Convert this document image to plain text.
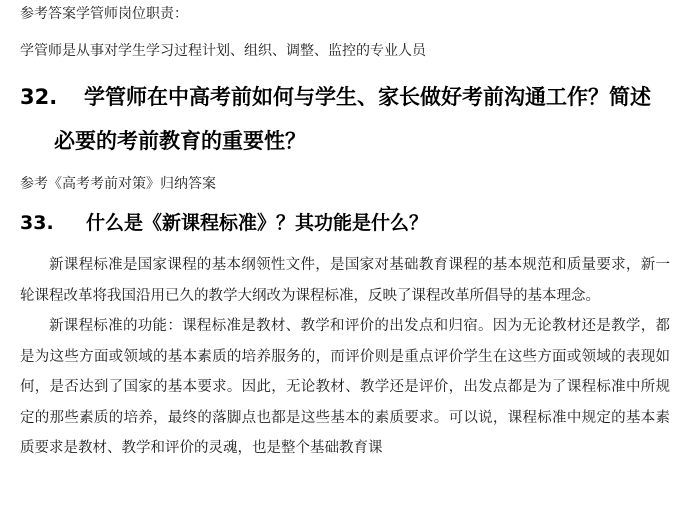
参考答案学管师岗位职责：
学管师是从事对学生学习过程计划、组织、调整、监控的专业人员
32. 学管师在中高考前如何与学生、家长做好考前沟通工作？简述
必要的考前教育的重要性？
参考《高考考前对策》归纳答案
33. 什么是《新课程标准》？其功能是什么？

新课程标准是国家课程的基本纲领性文件，是国家对基础教育课程的基本规范和质量要求，新一轮课程改革将我国沿用已久的教学大纲改为课程标准，反映了课程改革所倡导的基本理念。

新课程标准的功能：课程标准是教材、教学和评价的出发点和归宿。因为无论教材还是教学，都是为这些方面或领域的基本素质的培养服务的，而评价则是重点评价学生在这些方面或领域的表现如何，是否达到了国家的基本要求。因此，无论教材、教学还是评价，出发点都是为了课程标准中所规定的那些素质的培养，最终的落脚点也都是这些基本的素质要求。可以说，课程标准中规定的基本素质要求是教材、教学和评价的灵魂，也是整个基础教育课
